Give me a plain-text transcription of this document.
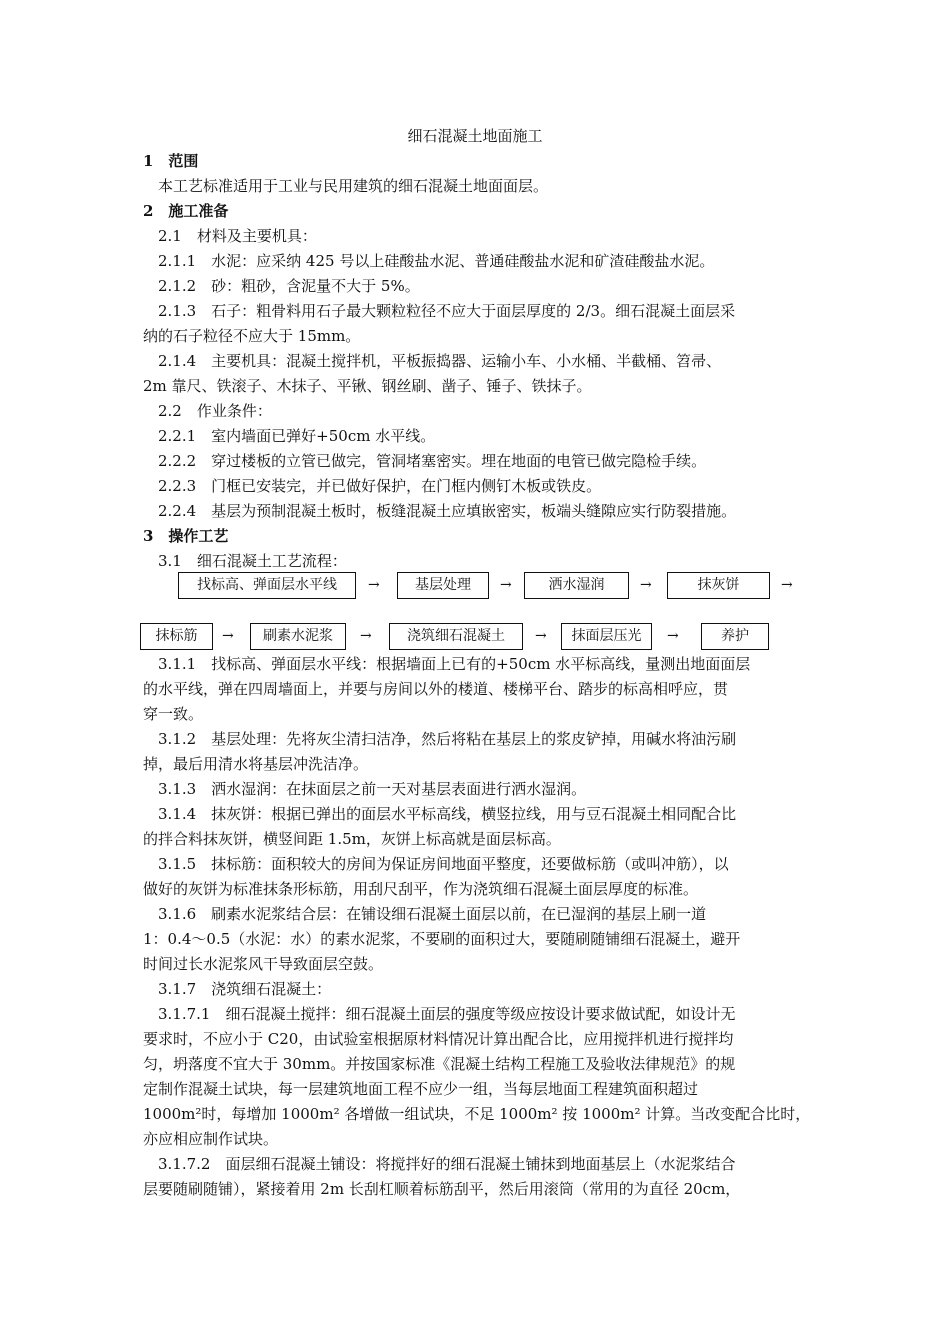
细石混凝土地面施工
1　范围
　本工艺标准适用于工业与民用建筑的细石混凝土地面面层。
2　施工准备
　2.1　材料及主要机具：
　2.1.1　水泥：应采纳 425 号以上硅酸盐水泥、普通硅酸盐水泥和矿渣硅酸盐水泥。
　2.1.2　砂：粗砂，含泥量不大于 5%。
　2.1.3　石子：粗骨料用石子最大颗粒粒径不应大于面层厚度的 2/3。细石混凝土面层采
纳的石子粒径不应大于 15mm。
　2.1.4　主要机具：混凝土搅拌机，平板振捣器、运输小车、小水桶、半截桶、笤帚、
2m 靠尺、铁滚子、木抹子、平锹、钢丝刷、凿子、锤子、铁抹子。
　2.2　作业条件：
　2.2.1　室内墙面已弹好+50cm 水平线。
　2.2.2　穿过楼板的立管已做完，管洞堵塞密实。埋在地面的电管已做完隐检手续。
　2.2.3　门框已安装完，并已做好保护，在门框内侧钉木板或铁皮。
　2.2.4　基层为预制混凝土板时，板缝混凝土应填嵌密实，板端头缝隙应实行防裂措施。
3　操作工艺
　3.1　细石混凝土工艺流程：
找标高、弹面层水平线	→	基层处理	→	洒水湿润	→	抹灰饼	→
抹标筋	→	刷素水泥浆	→	浇筑细石混凝土	→	抹面层压光	→	养护
　3.1.1　找标高、弹面层水平线：根据墙面上已有的+50cm 水平标高线，量测出地面面层
的水平线，弹在四周墙面上，并要与房间以外的楼道、楼梯平台、踏步的标高相呼应，贯
穿一致。
　3.1.2　基层处理：先将灰尘清扫洁净，然后将粘在基层上的浆皮铲掉，用碱水将油污刷
掉，最后用清水将基层冲洗洁净。
　3.1.3　洒水湿润：在抹面层之前一天对基层表面进行洒水湿润。
　3.1.4　抹灰饼：根据已弹出的面层水平标高线，横竖拉线，用与豆石混凝土相同配合比
的拌合料抹灰饼，横竖间距 1.5m，灰饼上标高就是面层标高。
　3.1.5　抹标筋：面积较大的房间为保证房间地面平整度，还要做标筋（或叫冲筋），以
做好的灰饼为标准抹条形标筋，用刮尺刮平，作为浇筑细石混凝土面层厚度的标准。
　3.1.6　刷素水泥浆结合层：在铺设细石混凝土面层以前，在已湿润的基层上刷一道
1：0.4～0.5（水泥：水）的素水泥浆，不要刷的面积过大，要随刷随铺细石混凝土，避开
时间过长水泥浆风干导致面层空鼓。
　3.1.7　浇筑细石混凝土：
　3.1.7.1　细石混凝土搅拌：细石混凝土面层的强度等级应按设计要求做试配，如设计无
要求时，不应小于 C20，由试验室根据原材料情况计算出配合比，应用搅拌机进行搅拌均
匀，坍落度不宜大于 30mm。并按国家标准《混凝土结构工程施工及验收法律规范》的规
定制作混凝土试块，每一层建筑地面工程不应少一组，当每层地面工程建筑面积超过
1000m²时，每增加 1000m² 各增做一组试块，不足 1000m² 按 1000m² 计算。当改变配合比时，
亦应相应制作试块。
　3.1.7.2　面层细石混凝土铺设：将搅拌好的细石混凝土铺抹到地面基层上（水泥浆结合
层要随刷随铺），紧接着用 2m 长刮杠顺着标筋刮平，然后用滚筒（常用的为直径 20cm，
